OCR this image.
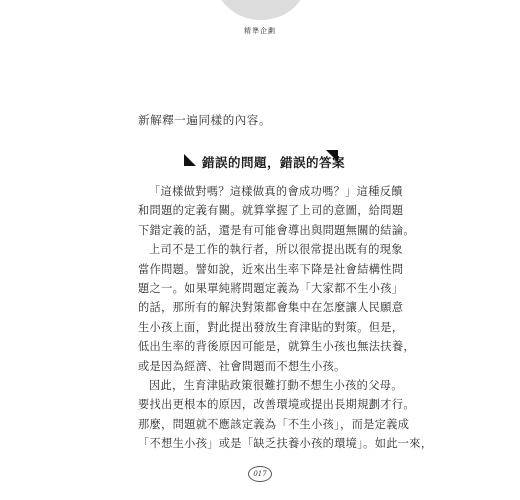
精準企劃
新解釋一遍同樣的內容。
錯誤的問題，錯誤的答案
「這樣做對嗎？這樣做真的會成功嗎？」這種反饋
和問題的定義有關。就算掌握了上司的意圖，給問題
下錯定義的話，還是有可能會導出與問題無關的結論。
上司不是工作的執行者，所以很常提出既有的現象
當作問題。譬如說，近來出生率下降是社會結構性問
題之一。如果單純將問題定義為「大家都不生小孩」
的話，那所有的解決對策都會集中在怎麼讓人民願意
生小孩上面，對此提出發放生育津貼的對策。但是，
低出生率的背後原因可能是，就算生小孩也無法扶養，
或是因為經濟、社會問題而不想生小孩。
因此，生育津貼政策很難打動不想生小孩的父母。
要找出更根本的原因，改善環境或提出長期規劃才行。
那麼，問題就不應該定義為「不生小孩」，而是定義成
「不想生小孩」或是「缺乏扶養小孩的環境」。如此一來，
017
